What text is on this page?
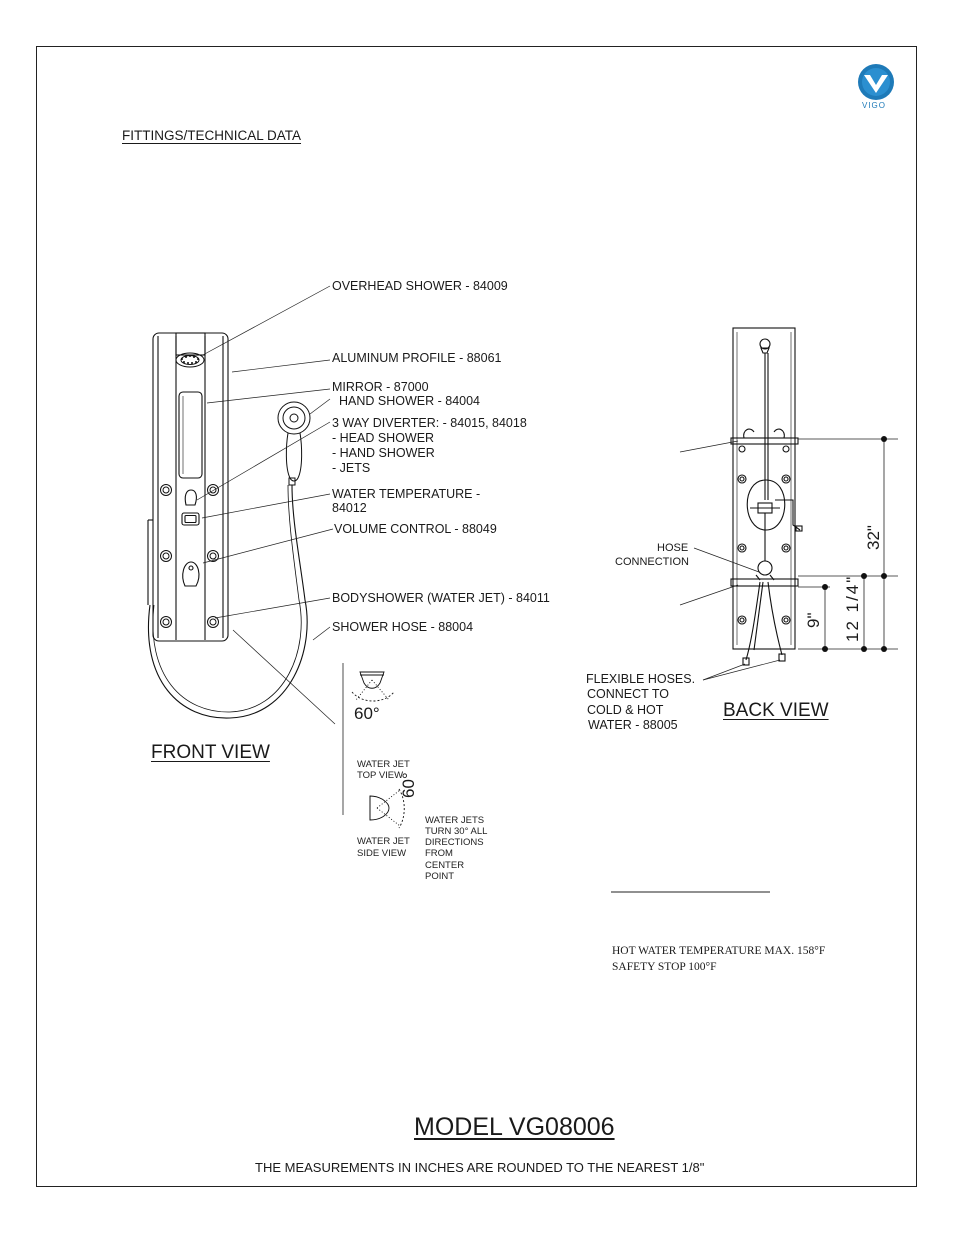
VIGO
FITTINGS/TECHNICAL DATA
OVERHEAD SHOWER - 84009
ALUMINUM PROFILE - 88061
MIRROR - 87000
HAND SHOWER - 84004
3 WAY DIVERTER: - 84015, 84018
- HEAD SHOWER
- HAND SHOWER
- JETS
WATER TEMPERATURE -
84012
VOLUME CONTROL - 88049
BODYSHOWER (WATER JET) - 84011
SHOWER HOSE - 88004
FRONT VIEW
60°
WATER JET
TOP VIEW
60°
WATER JET
SIDE VIEW
WATER JETS
TURN 30° ALL
DIRECTIONS
FROM
CENTER
POINT
HOSE
CONNECTION
FLEXIBLE HOSES.
CONNECT TO
COLD & HOT
WATER - 88005
BACK VIEW
32"
12 1/4"
9"
HOT WATER TEMPERATURE MAX. 158°F
SAFETY STOP 100°F
MODEL VG08006
THE MEASUREMENTS IN INCHES ARE ROUNDED TO THE NEAREST 1/8"
